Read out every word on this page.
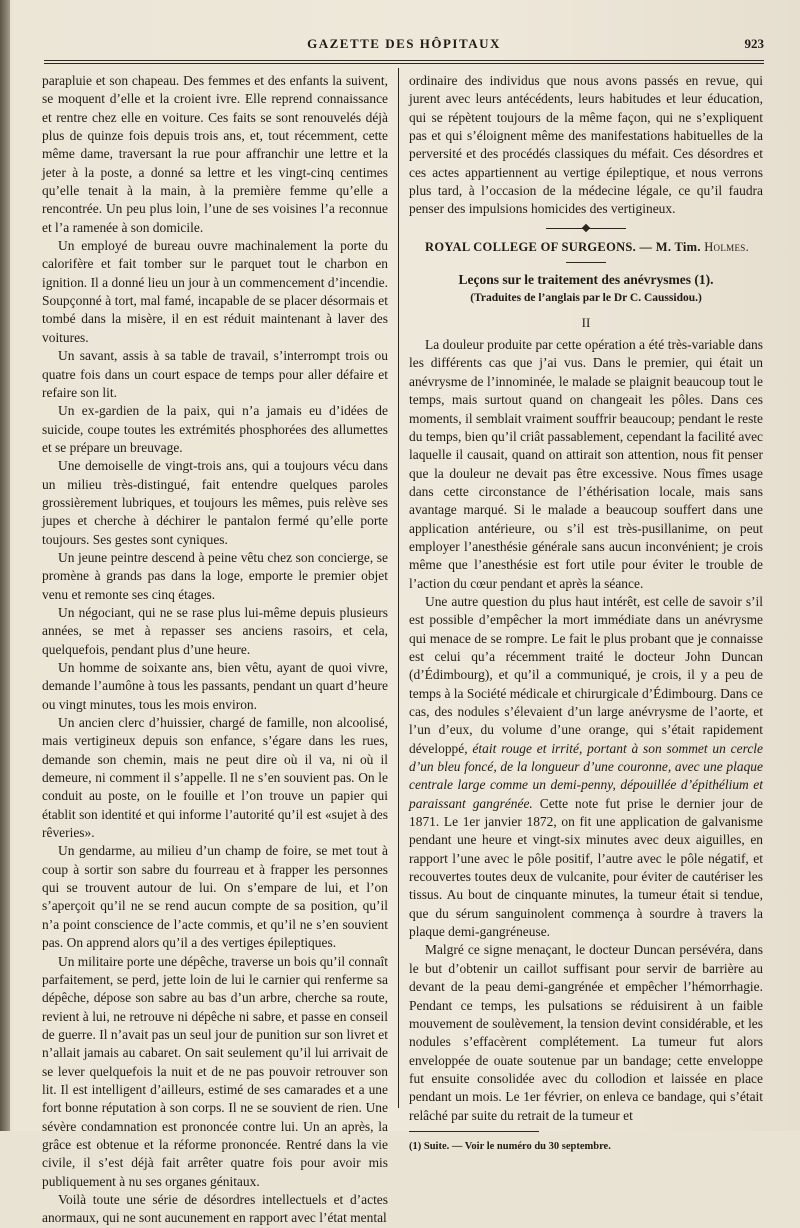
GAZETTE DES HÔPITAUX	923

parapluie et son chapeau. Des femmes et des enfants la suivent, se moquent d’elle et la croient ivre. Elle reprend connaissance et rentre chez elle en voiture. Ces faits se sont renouvelés déjà plus de quinze fois depuis trois ans, et, tout récemment, cette même dame, traversant la rue pour affranchir une lettre et la jeter à la poste, a donné sa lettre et les vingt-cinq centimes qu’elle tenait à la main, à la première femme qu’elle a rencontrée. Un peu plus loin, l’une de ses voisines l’a reconnue et l’a ramenée à son domicile.

Un employé de bureau ouvre machinalement la porte du calorifère et fait tomber sur le parquet tout le charbon en ignition. Il a donné lieu un jour à un commencement d’incendie. Soupçonné à tort, mal famé, incapable de se placer désormais et tombé dans la misère, il en est réduit maintenant à laver des voitures.

Un savant, assis à sa table de travail, s’interrompt trois ou quatre fois dans un court espace de temps pour aller défaire et refaire son lit.

Un ex-gardien de la paix, qui n’a jamais eu d’idées de suicide, coupe toutes les extrémités phosphorées des allumettes et se prépare un breuvage.

Une demoiselle de vingt-trois ans, qui a toujours vécu dans un milieu très-distingué, fait entendre quelques paroles grossièrement lubriques, et toujours les mêmes, puis relève ses jupes et cherche à déchirer le pantalon fermé qu’elle porte toujours. Ses gestes sont cyniques.

Un jeune peintre descend à peine vêtu chez son concierge, se promène à grands pas dans la loge, emporte le premier objet venu et remonte ses cinq étages.

Un négociant, qui ne se rase plus lui-même depuis plusieurs années, se met à repasser ses anciens rasoirs, et cela, quelquefois, pendant plus d’une heure.

Un homme de soixante ans, bien vêtu, ayant de quoi vivre, demande l’aumône à tous les passants, pendant un quart d’heure ou vingt minutes, tous les mois environ.

Un ancien clerc d’huissier, chargé de famille, non alcoolisé, mais vertigineux depuis son enfance, s’égare dans les rues, demande son chemin, mais ne peut dire où il va, ni où il demeure, ni comment il s’appelle. Il ne s’en souvient pas. On le conduit au poste, on le fouille et l’on trouve un papier qui établit son identité et qui informe l’autorité qu’il est «sujet à des rêveries».

Un gendarme, au milieu d’un champ de foire, se met tout à coup à sortir son sabre du fourreau et à frapper les personnes qui se trouvent autour de lui. On s’empare de lui, et l’on s’aperçoit qu’il ne se rend aucun compte de sa position, qu’il n’a point conscience de l’acte commis, et qu’il ne s’en souvient pas. On apprend alors qu’il a des vertiges épileptiques.

Un militaire porte une dépêche, traverse un bois qu’il connaît parfaitement, se perd, jette loin de lui le carnier qui renferme sa dépêche, dépose son sabre au bas d’un arbre, cherche sa route, revient à lui, ne retrouve ni dépêche ni sabre, et passe en conseil de guerre. Il n’avait pas un seul jour de punition sur son livret et n’allait jamais au cabaret. On sait seulement qu’il lui arrivait de se lever quelquefois la nuit et de ne pas pouvoir retrouver son lit. Il est intelligent d’ailleurs, estimé de ses camarades et a une fort bonne réputation à son corps. Il ne se souvient de rien. Une sévère condamnation est prononcée contre lui. Un an après, la grâce est obtenue et la réforme prononcée. Rentré dans la vie civile, il s’est déjà fait arrêter quatre fois pour avoir mis publiquement à nu ses organes génitaux.

Voilà toute une série de désordres intellectuels et d’actes anormaux, qui ne sont aucunement en rapport avec l’état mental

ordinaire des individus que nous avons passés en revue, qui jurent avec leurs antécédents, leurs habitudes et leur éducation, qui se répètent toujours de la même façon, qui ne s’expliquent pas et qui s’éloignent même des manifestations habituelles de la perversité et des procédés classiques du méfait. Ces désordres et ces actes appartiennent au vertige épileptique, et nous verrons plus tard, à l’occasion de la médecine légale, ce qu’il faudra penser des impulsions homicides des vertigineux.

ROYAL COLLEGE OF SURGEONS. — M. Tim. Holmes.

Leçons sur le traitement des anévrysmes (1).

(Traduites de l’anglais par le Dr C. Caussidou.)

II

La douleur produite par cette opération a été très-variable dans les différents cas que j’ai vus. Dans le premier, qui était un anévrysme de l’innominée, le malade se plaignit beaucoup tout le temps, mais surtout quand on changeait les pôles. Dans ces moments, il semblait vraiment souffrir beaucoup; pendant le reste du temps, bien qu’il criât passablement, cependant la facilité avec laquelle il causait, quand on attirait son attention, nous fit penser que la douleur ne devait pas être excessive. Nous fîmes usage dans cette circonstance de l’éthérisation locale, mais sans avantage marqué. Si le malade a beaucoup souffert dans une application antérieure, ou s’il est très-pusillanime, on peut employer l’anesthésie générale sans aucun inconvénient; je crois même que l’anesthésie est fort utile pour éviter le trouble de l’action du cœur pendant et après la séance.

Une autre question du plus haut intérêt, est celle de savoir s’il est possible d’empêcher la mort immédiate dans un anévrysme qui menace de se rompre. Le fait le plus probant que je connaisse est celui qu’a récemment traité le docteur John Duncan (d’Édimbourg), et qu’il a communiqué, je crois, il y a peu de temps à la Société médicale et chirurgicale d’Édimbourg. Dans ce cas, des nodules s’élevaient d’un large anévrysme de l’aorte, et l’un d’eux, du volume d’une orange, qui s’était rapidement développé, était rouge et irrité, portant à son sommet un cercle d’un bleu foncé, de la longueur d’une couronne, avec une plaque centrale large comme un demi-penny, dépouillée d’épithélium et paraissant gangrénée. Cette note fut prise le dernier jour de 1871. Le 1er janvier 1872, on fit une application de galvanisme pendant une heure et vingt-six minutes avec deux aiguilles, en rapport l’une avec le pôle positif, l’autre avec le pôle négatif, et recouvertes toutes deux de vulcanite, pour éviter de cautériser les tissus. Au bout de cinquante minutes, la tumeur était si tendue, que du sérum sanguinolent commença à sourdre à travers la plaque demi-gangréneuse.

Malgré ce signe menaçant, le docteur Duncan persévéra, dans le but d’obtenir un caillot suffisant pour servir de barrière au devant de la peau demi-gangrénée et empêcher l’hémorrhagie. Pendant ce temps, les pulsations se réduisirent à un faible mouvement de soulèvement, la tension devint considérable, et les nodules s’effacèrent complétement. La tumeur fut alors enveloppée de ouate soutenue par un bandage; cette enveloppe fut ensuite consolidée avec du collodion et laissée en place pendant un mois. Le 1er février, on enleva ce bandage, qui s’était relâché par suite du retrait de la tumeur et

(1) Suite. — Voir le numéro du 30 septembre.
